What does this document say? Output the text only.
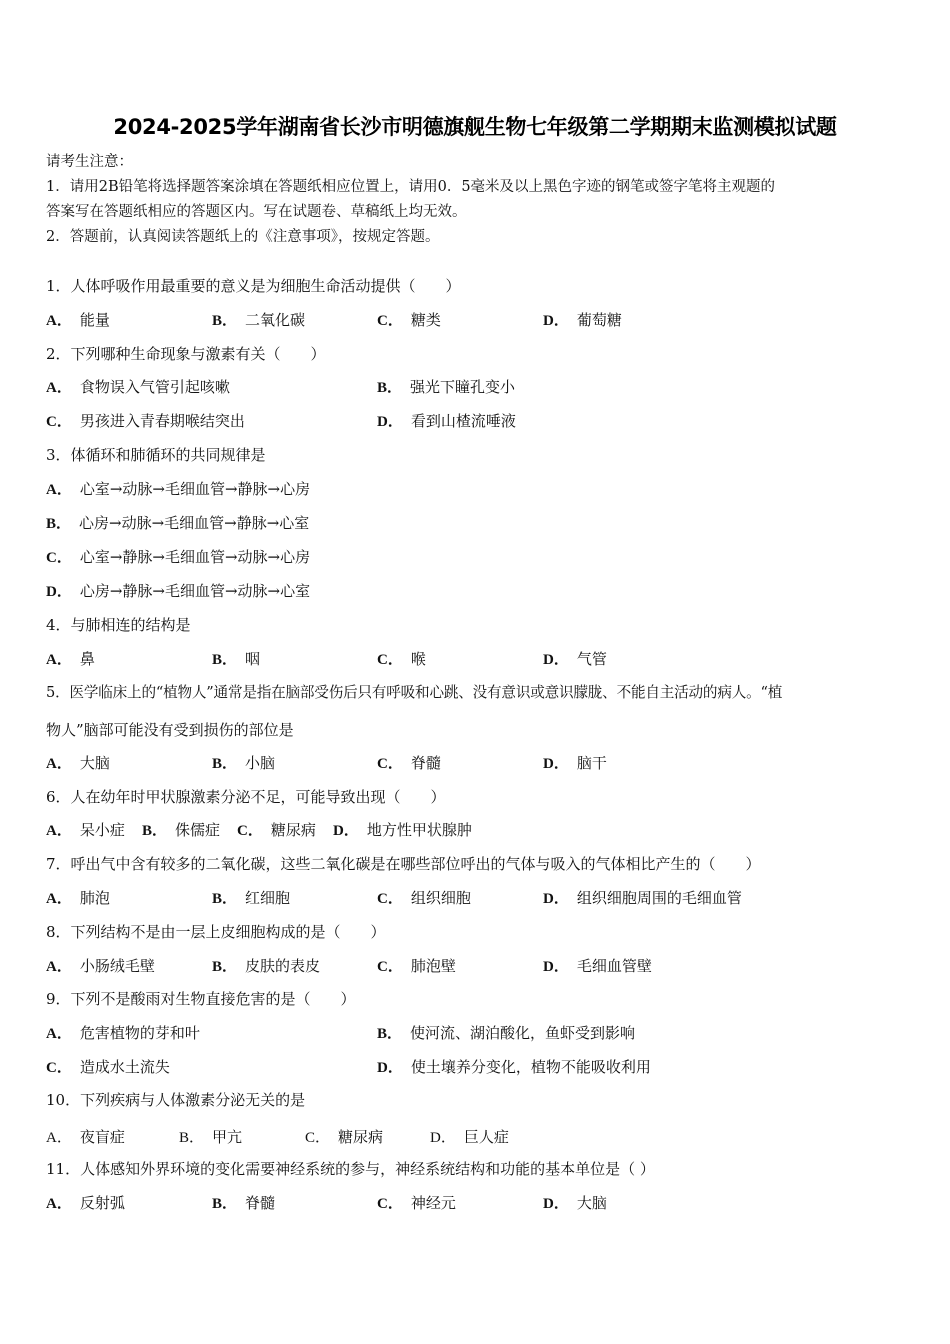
2024-2025学年湖南省长沙市明德旗舰生物七年级第二学期期末监测模拟试题
请考生注意：
1．请用2B铅笔将选择题答案涂填在答题纸相应位置上，请用0．5毫米及以上黑色字迹的钢笔或签字笔将主观题的
答案写在答题纸相应的答题区内。写在试题卷、草稿纸上均无效。
2．答题前，认真阅读答题纸上的《注意事项》，按规定答题。
1．人体呼吸作用最重要的意义是为细胞生命活动提供（　　）
A． 能量	B． 二氧化碳	C． 糖类	D． 葡萄糖
2．下列哪种生命现象与激素有关（　　）
A． 食物误入气管引起咳嗽	B． 强光下瞳孔变小
C． 男孩进入青春期喉结突出	D． 看到山楂流唾液
3．体循环和肺循环的共同规律是
A． 心室→动脉→毛细血管→静脉→心房
B． 心房→动脉→毛细血管→静脉→心室
C． 心室→静脉→毛细血管→动脉→心房
D． 心房→静脉→毛细血管→动脉→心室
4．与肺相连的结构是
A． 鼻	B． 咽	C． 喉	D． 气管
5．医学临床上的“植物人”通常是指在脑部受伤后只有呼吸和心跳、没有意识或意识朦胧、不能自主活动的病人。“植
物人”脑部可能没有受到损伤的部位是
A． 大脑	B． 小脑	C． 脊髓	D． 脑干
6．人在幼年时甲状腺激素分泌不足，可能导致出现（　　）
A． 呆小症 B． 侏儒症 C． 糖尿病 D． 地方性甲状腺肿
7．呼出气中含有较多的二氧化碳，这些二氧化碳是在哪些部位呼出的气体与吸入的气体相比产生的（　　）
A． 肺泡	B． 红细胞	C． 组织细胞	D． 组织细胞周围的毛细血管
8．下列结构不是由一层上皮细胞构成的是（　　）
A． 小肠绒毛壁	B． 皮肤的表皮	C． 肺泡壁	D． 毛细血管壁
9．下列不是酸雨对生物直接危害的是（　　）
A． 危害植物的芽和叶	B． 使河流、湖泊酸化，鱼虾受到影响
C． 造成水土流失	D． 使土壤养分变化，植物不能吸收利用
10．下列疾病与人体激素分泌无关的是
A． 夜盲症	B． 甲亢	C． 糖尿病	D． 巨人症
11．人体感知外界环境的变化需要神经系统的参与，神经系统结构和功能的基本单位是（ ）
A． 反射弧	B． 脊髓	C． 神经元	D． 大脑
